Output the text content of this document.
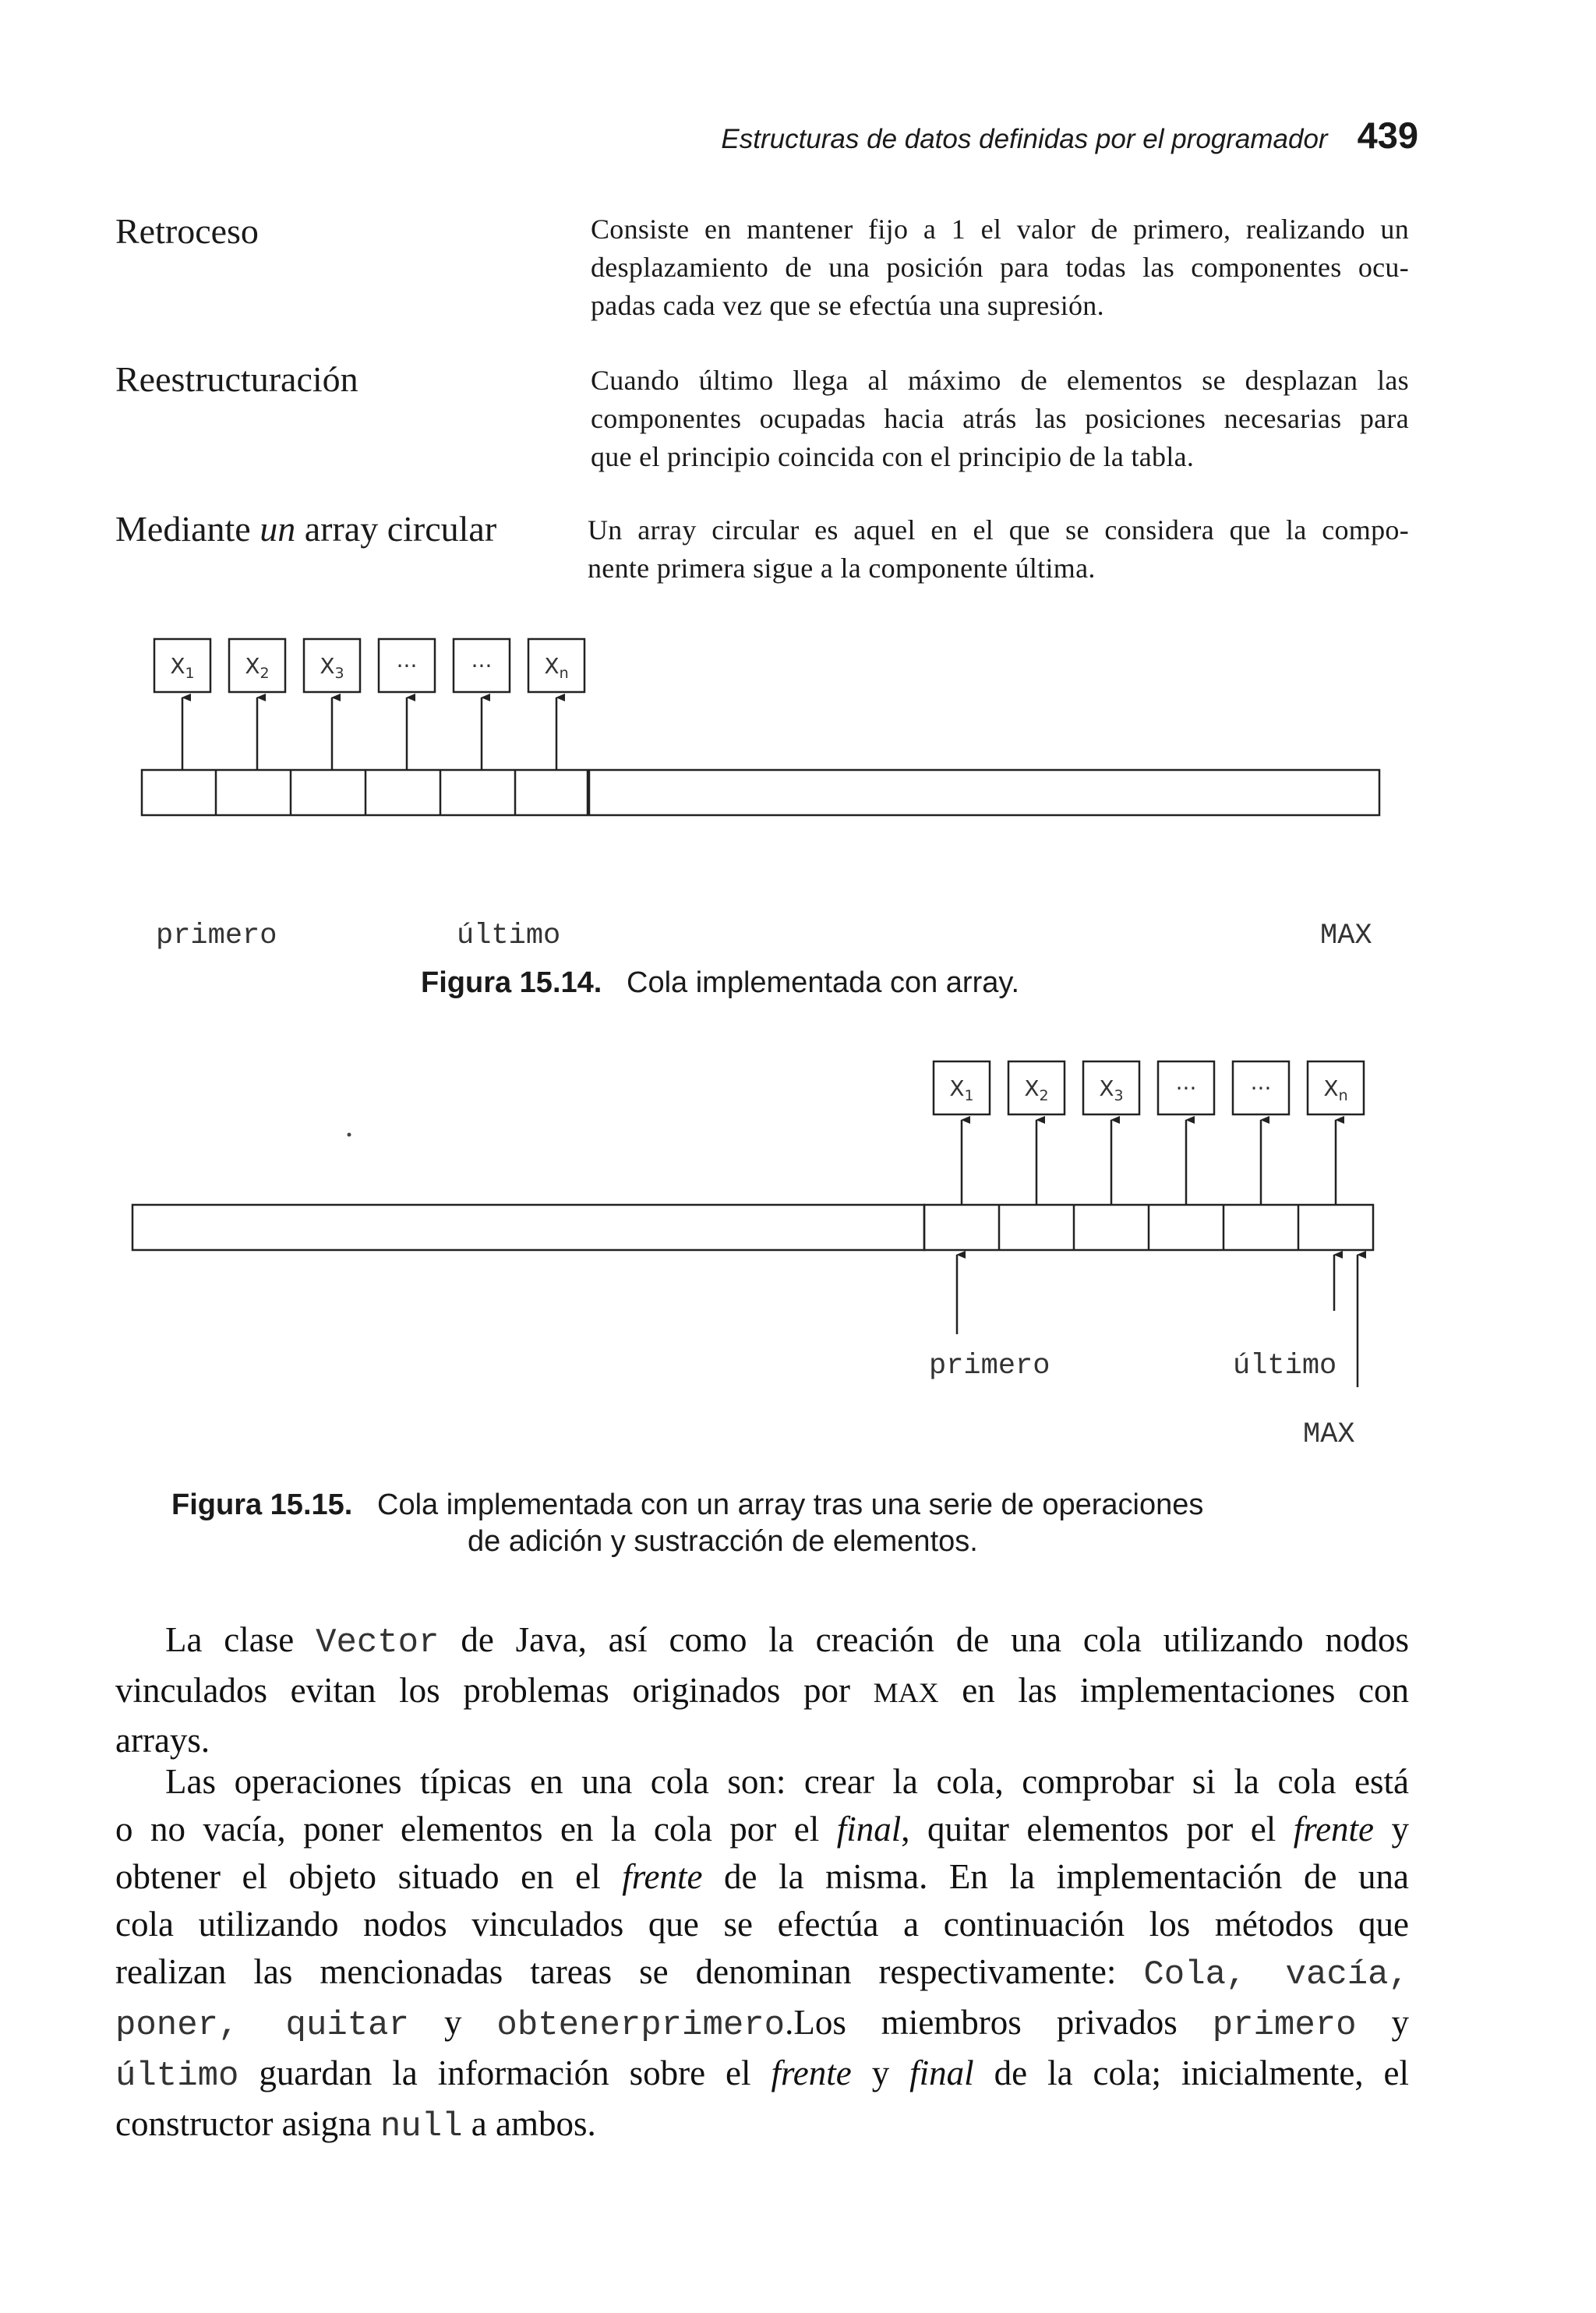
Estructuras de datos definidas por el programador 439
Retroceso	Consiste en mantener fijo a 1 el valor de primero, realizando un
desplazamiento de una posición para todas las componentes ocu-
padas cada vez que se efectúa una supresión.
Reestructuración	Cuando último llega al máximo de elementos se desplazan las
componentes ocupadas hacia atrás las posiciones necesarias para
que el principio coincida con el principio de la tabla.
Mediante un array circular	Un array circular es aquel en el que se considera que la compo-
nente primera sigue a la componente última.
$X_1$ $X_2$ $X_3$ ··· ··· $X_n$
primero	último	MAX
Figura 15.14. Cola implementada con array.
$X_1$ $X_2$ $X_3$ ··· ··· $X_n$
primero	último
MAX
Figura 15.15. Cola implementada con un array tras una serie de operaciones
de adición y sustracción de elementos.
La clase Vector de Java, así como la creación de una cola utilizando nodos
vinculados evitan los problemas originados por MAX en las implementaciones con
arrays.
Las operaciones típicas en una cola son: crear la cola, comprobar si la cola está
o no vacía, poner elementos en la cola por el final, quitar elementos por el frente y
obtener el objeto situado en el frente de la misma. En la implementación de una
cola utilizando nodos vinculados que se efectúa a continuación los métodos que
realizan las mencionadas tareas se denominan respectivamente: Cola, vacía,
poner, quitar y obtenerprimero.Los miembros privados primero y
último guardan la información sobre el frente y final de la cola; inicialmente, el
constructor asigna null a ambos.
